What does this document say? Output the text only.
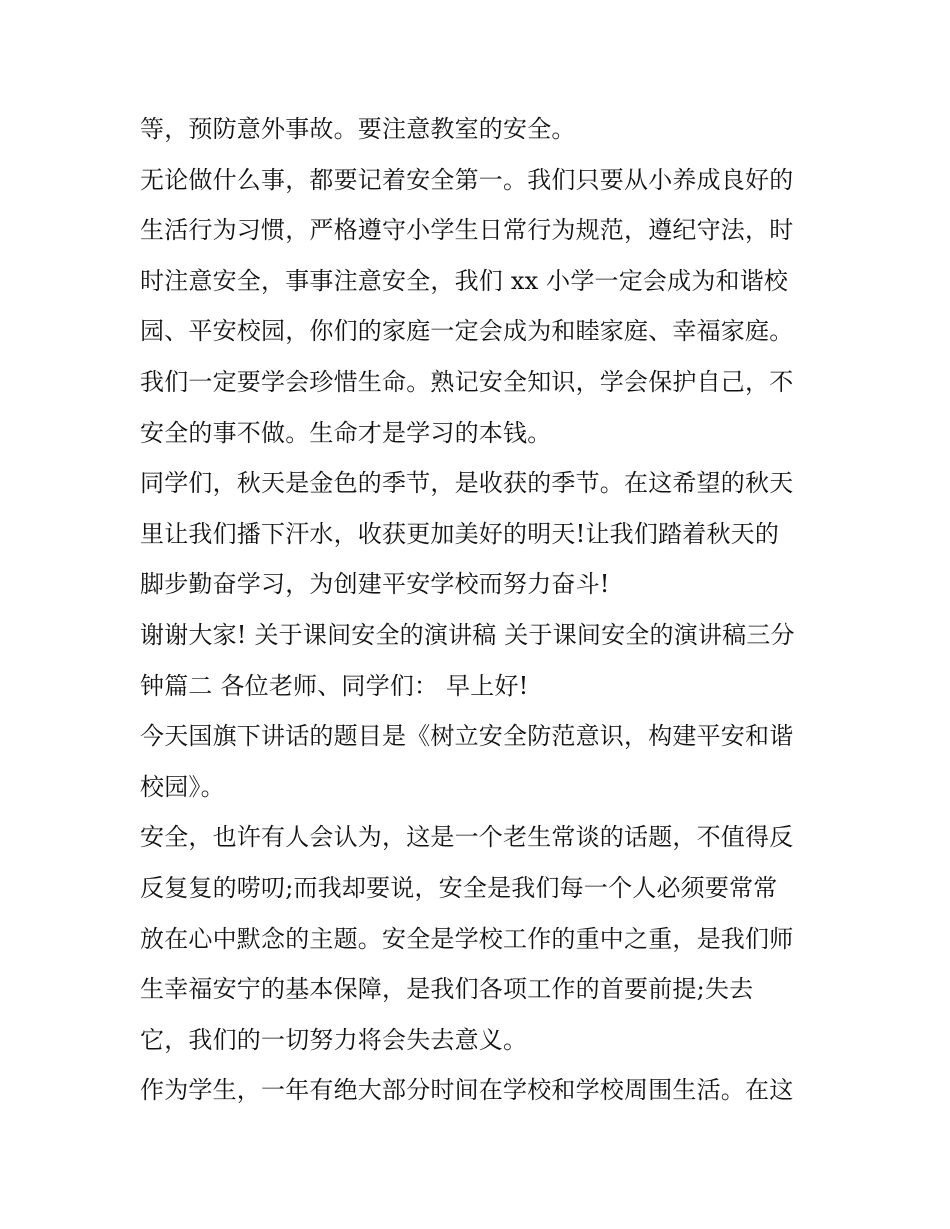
等，预防意外事故。要注意教室的安全。
无论做什么事，都要记着安全第一。我们只要从小养成良好的
生活行为习惯，严格遵守小学生日常行为规范，遵纪守法，时
时注意安全，事事注意安全，我们 xx 小学一定会成为和谐校
园、平安校园，你们的家庭一定会成为和睦家庭、幸福家庭。
我们一定要学会珍惜生命。熟记安全知识，学会保护自己，不
安全的事不做。生命才是学习的本钱。
同学们，秋天是金色的季节，是收获的季节。在这希望的秋天
里让我们播下汗水，收获更加美好的明天!让我们踏着秋天的
脚步勤奋学习，为创建平安学校而努力奋斗!
谢谢大家! 关于课间安全的演讲稿 关于课间安全的演讲稿三分
钟篇二 各位老师、同学们： 早上好!
今天国旗下讲话的题目是《树立安全防范意识，构建平安和谐
校园》。
安全，也许有人会认为，这是一个老生常谈的话题，不值得反
反复复的唠叨;而我却要说，安全是我们每一个人必须要常常
放在心中默念的主题。安全是学校工作的重中之重，是我们师
生幸福安宁的基本保障，是我们各项工作的首要前提;失去
它，我们的一切努力将会失去意义。
作为学生，一年有绝大部分时间在学校和学校周围生活。在这
